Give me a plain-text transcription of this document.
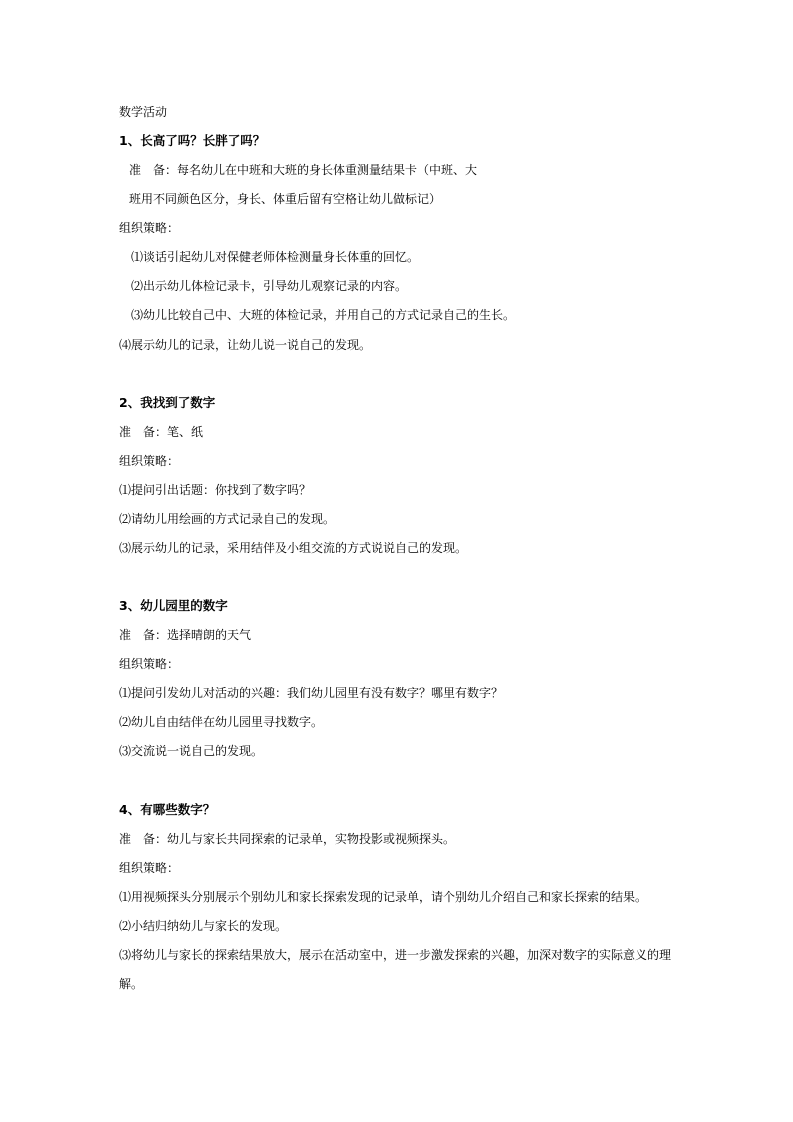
数学活动
1、长高了吗？长胖了吗？
准　备：每名幼儿在中班和大班的身长体重测量结果卡（中班、大
班用不同颜色区分，身长、体重后留有空格让幼儿做标记）
组织策略：
⑴谈话引起幼儿对保健老师体检测量身长体重的回忆。
⑵出示幼儿体检记录卡，引导幼儿观察记录的内容。
⑶幼儿比较自己中、大班的体检记录，并用自己的方式记录自己的生长。
⑷展示幼儿的记录，让幼儿说一说自己的发现。
2、我找到了数字
准　备：笔、纸
组织策略：
⑴提问引出话题：你找到了数字吗？
⑵请幼儿用绘画的方式记录自己的发现。
⑶展示幼儿的记录，采用结伴及小组交流的方式说说自己的发现。
3、幼儿园里的数字
准　备：选择晴朗的天气
组织策略：
⑴提问引发幼儿对活动的兴趣：我们幼儿园里有没有数字？哪里有数字？
⑵幼儿自由结伴在幼儿园里寻找数字。
⑶交流说一说自己的发现。
4、有哪些数字？
准　备：幼儿与家长共同探索的记录单，实物投影或视频探头。
组织策略：
⑴用视频探头分别展示个别幼儿和家长探索发现的记录单，请个别幼儿介绍自己和家长探索的结果。
⑵小结归纳幼儿与家长的发现。
⑶将幼儿与家长的探索结果放大，展示在活动室中，进一步激发探索的兴趣，加深对数字的实际意义的理
解。
